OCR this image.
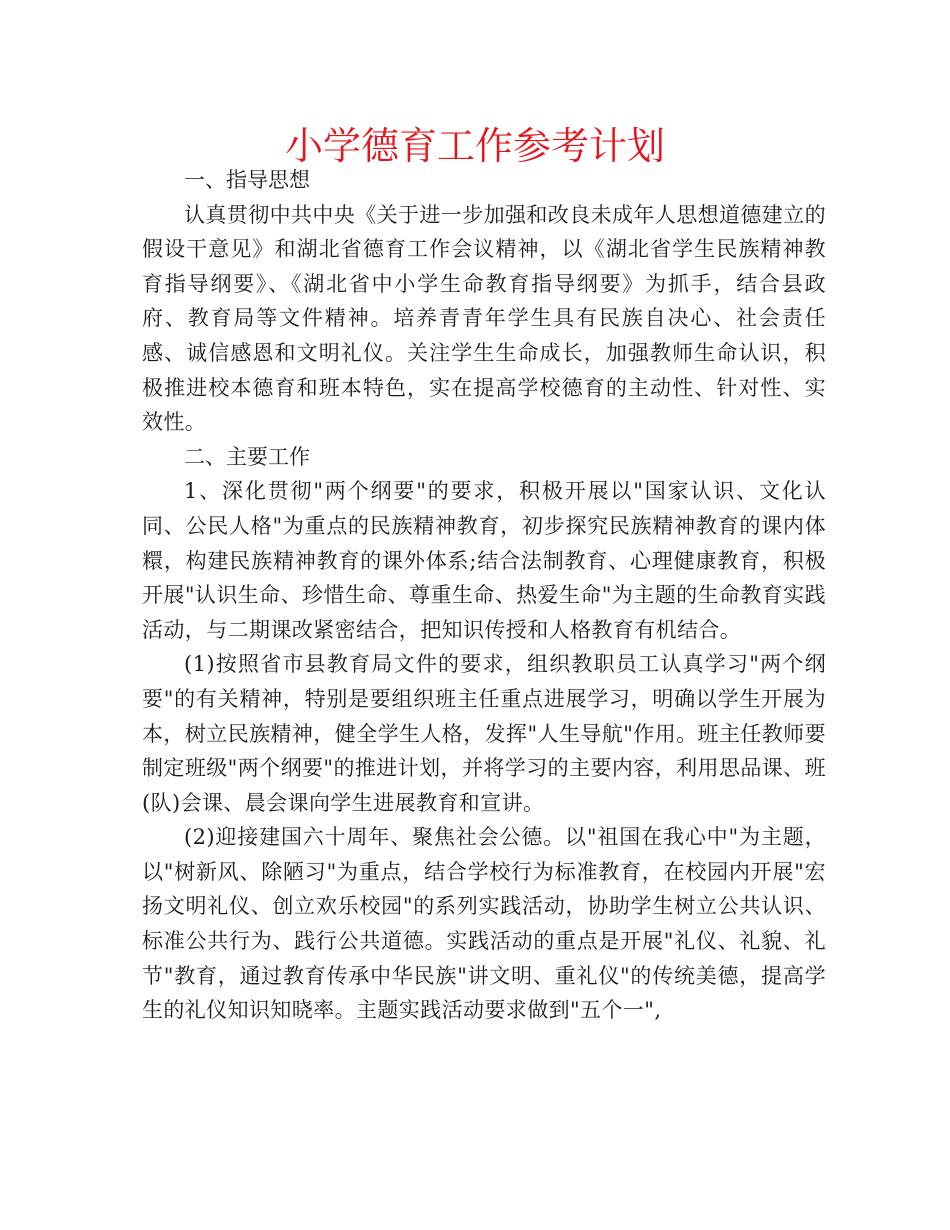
小学德育工作参考计划

一、指导思想

认真贯彻中共中央《关于进一步加强和改良未成年人思想道德建立的假设干意见》和湖北省德育工作会议精神，以《湖北省学生民族精神教育指导纲要》、《湖北省中小学生命教育指导纲要》为抓手，结合县政府、教育局等文件精神。培养青青年学生具有民族自决心、社会责任感、诚信感恩和文明礼仪。关注学生生命成长，加强教师生命认识，积极推进校本德育和班本特色，实在提高学校德育的主动性、针对性、实效性。

二、主要工作

1、深化贯彻"两个纲要"的要求，积极开展以"国家认识、文化认同、公民人格"为重点的民族精神教育，初步探究民族精神教育的课内体糫，构建民族精神教育的课外体系;结合法制教育、心理健康教育，积极开展"认识生命、珍惜生命、尊重生命、热爱生命"为主题的生命教育实践活动，与二期课改紧密结合，把知识传授和人格教育有机结合。

(1)按照省市县教育局文件的要求，组织教职员工认真学习"两个纲要"的有关精神，特别是要组织班主任重点进展学习，明确以学生开展为本，树立民族精神，健全学生人格，发挥"人生导航"作用。班主任教师要制定班级"两个纲要"的推进计划，并将学习的主要内容，利用思品课、班(队)会课、晨会课向学生进展教育和宣讲。

(2)迎接建国六十周年、聚焦社会公德。以"祖国在我心中"为主题，以"树新风、除陋习"为重点，结合学校行为标准教育，在校园内开展"宏扬文明礼仪、创立欢乐校园"的系列实践活动，协助学生树立公共认识、标准公共行为、践行公共道德。实践活动的重点是开展"礼仪、礼貌、礼节"教育，通过教育传承中华民族"讲文明、重礼仪"的传统美德，提高学生的礼仪知识知晓率。主题实践活动要求做到"五个一",
